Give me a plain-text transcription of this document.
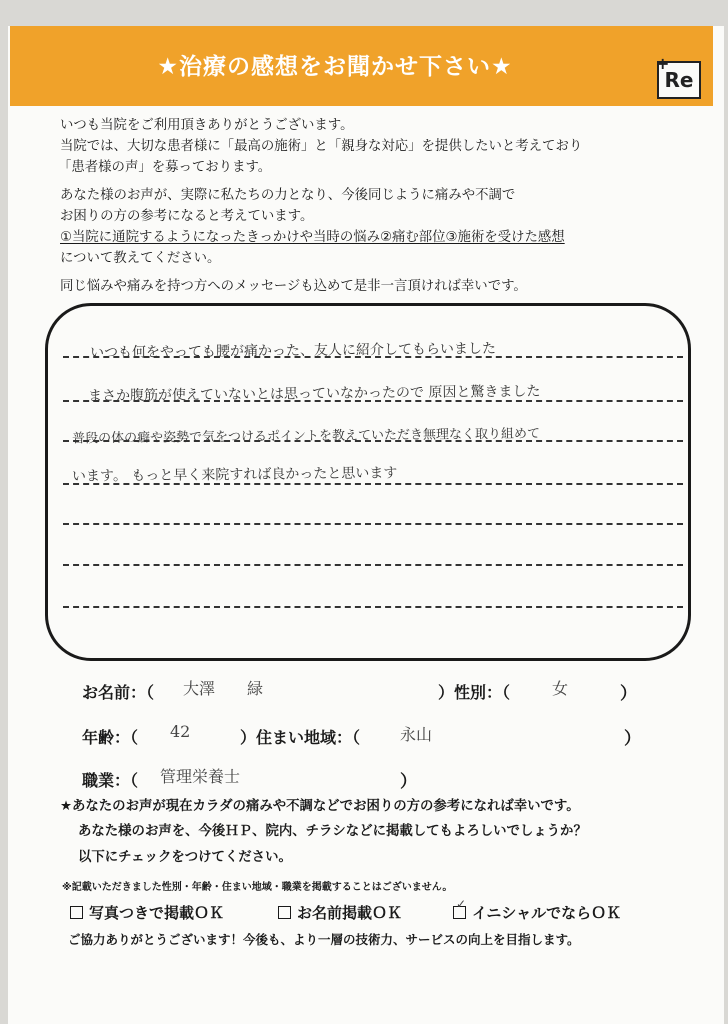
★治療の感想をお聞かせ下さい★	+
Re

いつも当院をご利用頂きありがとうございます。

当院では、大切な患者様に「最高の施術」と「親身な対応」を提供したいと考えており

「患者様の声」を募っております。

あなた様のお声が、実際に私たちの力となり、今後同じように痛みや不調で

お困りの方の参考になると考えています。

①当院に通院するようになったきっかけや当時の悩み②痛む部位③施術を受けた感想

について教えてください。

同じ悩みや痛みを持つ方へのメッセージも込めて是非一言頂ければ幸いです。
いつも何をやっても腰が痛かった、友人に紹介してもらいました
まさか腹筋が使えていないとは思っていなかったので 原因と驚きました
普段の体の癖や姿勢で気をつけるポイントを教えていただき無理なく取り組めて
います。 もっと早く来院すれば良かったと思います
お名前：（ 大澤　　緑	）性別：（	女	）
年齢：（ 42	）住まい地域：（ 永山	）
職業：（ 管理栄養士	）
★あなたのお声が現在カラダの痛みや不調などでお困りの方の参考になれば幸いです。
あなた様のお声を、今後ＨＰ、院内、チラシなどに掲載してもよろしいでしょうか？
以下にチェックをつけてください。
※記載いただきました性別・年齢・住まい地域・職業を掲載することはございません。
写真つきで掲載ＯＫ	お名前掲載ＯＫ	✓ イニシャルでならＯＫ
ご協力ありがとうございます！今後も、より一層の技術力、サービスの向上を目指します。
